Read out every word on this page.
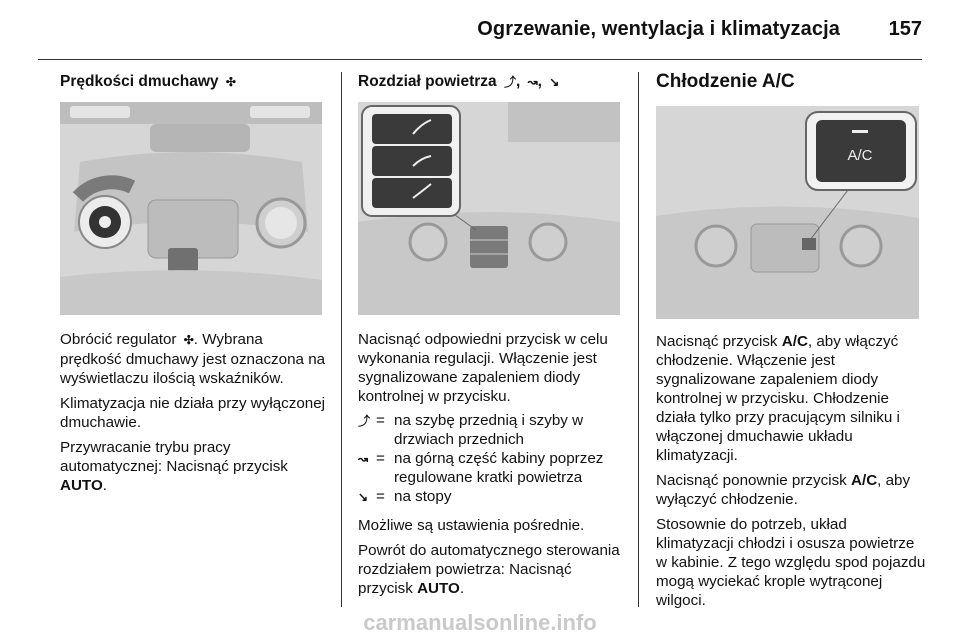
Ogrzewanie, wentylacja i klimatyzacja 157

Prędkości dmuchawy ✣

Obrócić regulator ✣. Wybrana prędkość dmuchawy jest oznaczona na wyświetlaczu ilością wskaźników.

Klimatyzacja nie działa przy wyłączonej dmuchawie.

Przywracanie trybu pracy automatycznej: Nacisnąć przycisk AUTO.

Rozdział powietrza ⤴, ↝, ↘

Nacisnąć odpowiedni przycisk w celu wykonania regulacji. Włączenie jest sygnalizowane zapaleniem diody kontrolnej w przycisku.

⤴	=	na szybę przednią i szyby w drzwiach przednich
↝	=	na górną część kabiny poprzez regulowane kratki powietrza
↘	=	na stopy

Możliwe są ustawienia pośrednie.

Powrót do automatycznego sterowania rozdziałem powietrza: Nacisnąć przycisk AUTO.

Chłodzenie A/C

A/C

Nacisnąć przycisk A/C, aby włączyć chłodzenie. Włączenie jest sygnalizowane zapaleniem diody kontrolnej w przycisku. Chłodzenie działa tylko przy pracującym silniku i włączonej dmuchawie układu klimatyzacji.

Nacisnąć ponownie przycisk A/C, aby wyłączyć chłodzenie.

Stosownie do potrzeb, układ klimatyzacji chłodzi i osusza powietrze w kabinie. Z tego względu spod pojazdu mogą wyciekać krople wytrąconej wilgoci.

carmanualsonline.info
